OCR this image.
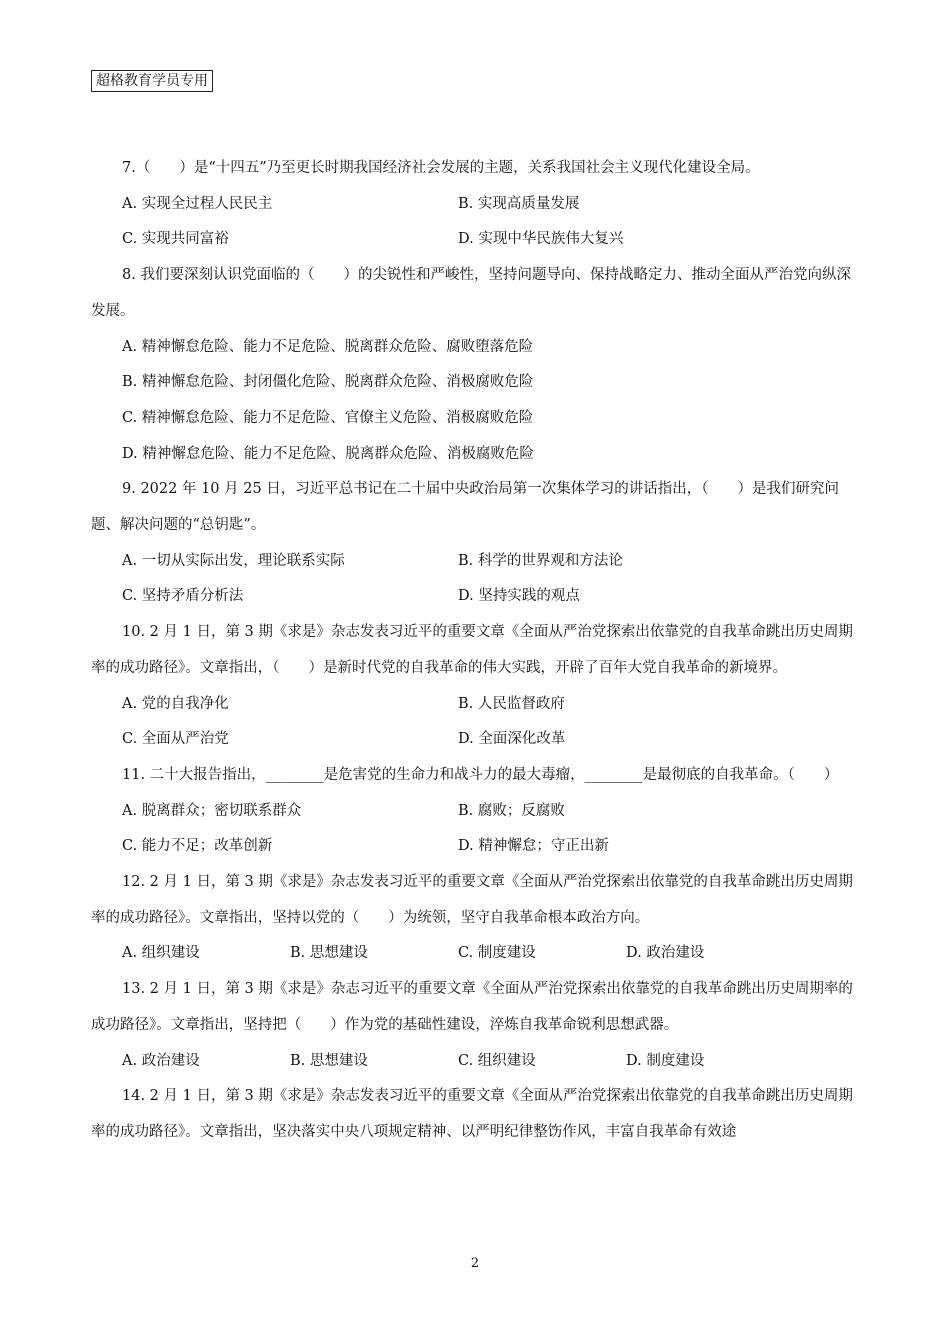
超格教育学员专用

7.（　　）是“十四五”乃至更长时期我国经济社会发展的主题，关系我国社会主义现代化建设全局。

A. 实现全过程人民民主	B. 实现高质量发展
C. 实现共同富裕	D. 实现中华民族伟大复兴

8. 我们要深刻认识党面临的（　　）的尖锐性和严峻性，坚持问题导向、保持战略定力、推动全面从严治党向纵深发展。

A. 精神懈怠危险、能力不足危险、脱离群众危险、腐败堕落危险

B. 精神懈怠危险、封闭僵化危险、脱离群众危险、消极腐败危险

C. 精神懈怠危险、能力不足危险、官僚主义危险、消极腐败危险

D. 精神懈怠危险、能力不足危险、脱离群众危险、消极腐败危险

9. 2022 年 10 月 25 日，习近平总书记在二十届中央政治局第一次集体学习的讲话指出，（　　）是我们研究问题、解决问题的“总钥匙”。

A. 一切从实际出发，理论联系实际	B. 科学的世界观和方法论
C. 坚持矛盾分析法	D. 坚持实践的观点

10. 2 月 1 日，第 3 期《求是》杂志发表习近平的重要文章《全面从严治党探索出依靠党的自我革命跳出历史周期率的成功路径》。文章指出，（　　）是新时代党的自我革命的伟大实践，开辟了百年大党自我革命的新境界。

A. 党的自我净化	B. 人民监督政府
C. 全面从严治党	D. 全面深化改革

11. 二十大报告指出，________是危害党的生命力和战斗力的最大毒瘤，________是最彻底的自我革命。（　　）

A. 脱离群众；密切联系群众	B. 腐败；反腐败
C. 能力不足；改革创新	D. 精神懈怠；守正出新

12. 2 月 1 日，第 3 期《求是》杂志发表习近平的重要文章《全面从严治党探索出依靠党的自我革命跳出历史周期率的成功路径》。文章指出，坚持以党的（　　）为统领，坚守自我革命根本政治方向。

A. 组织建设	B. 思想建设	C. 制度建设	D. 政治建设

13. 2 月 1 日，第 3 期《求是》杂志习近平的重要文章《全面从严治党探索出依靠党的自我革命跳出历史周期率的成功路径》。文章指出，坚持把（　　）作为党的基础性建设，淬炼自我革命锐利思想武器。

A. 政治建设	B. 思想建设	C. 组织建设	D. 制度建设

14. 2 月 1 日，第 3 期《求是》杂志发表习近平的重要文章《全面从严治党探索出依靠党的自我革命跳出历史周期率的成功路径》。文章指出，坚决落实中央八项规定精神、以严明纪律整饬作风，丰富自我革命有效途

2
